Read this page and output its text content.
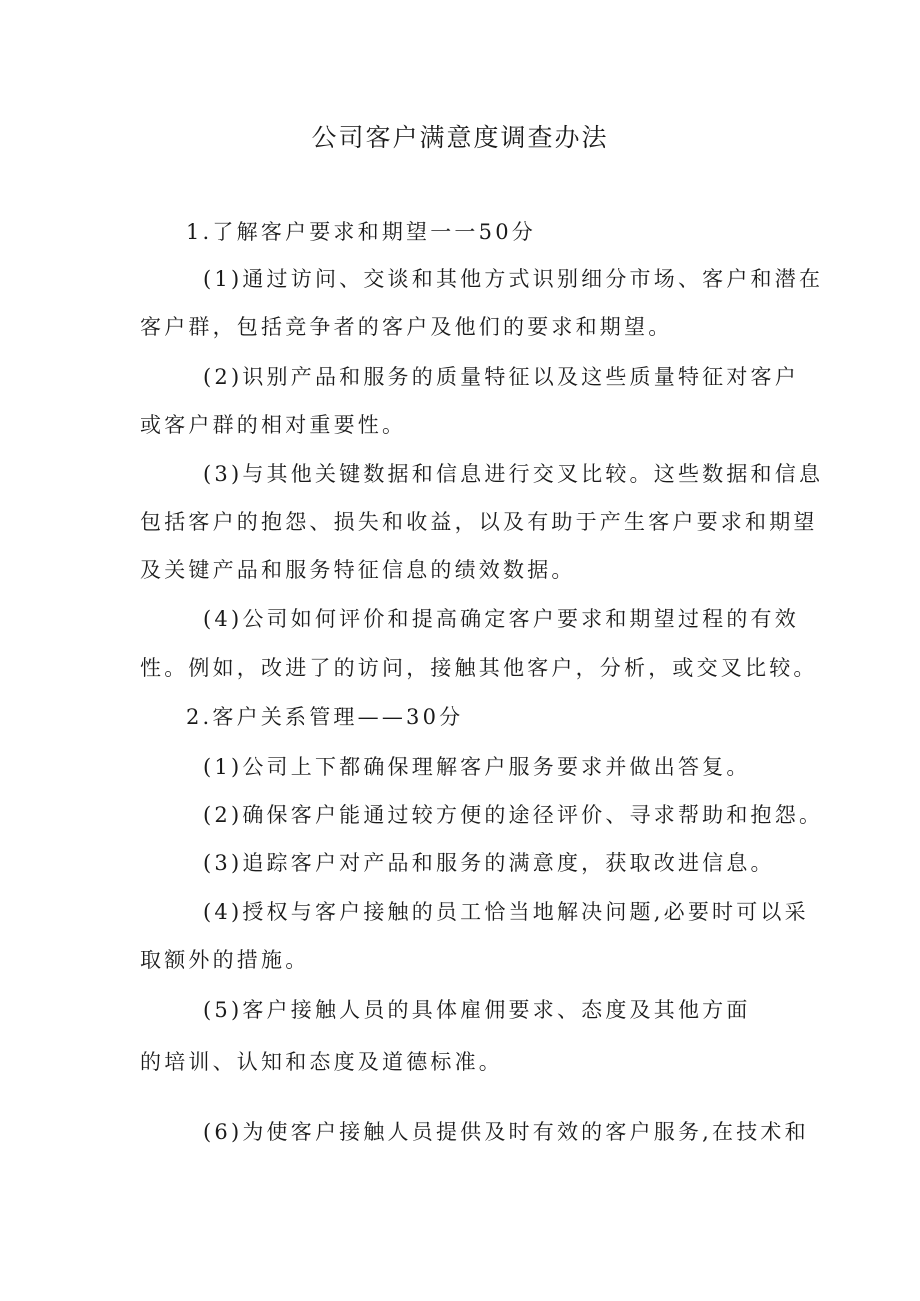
公司客户满意度调查办法
1.了解客户要求和期望一一50分
(1)通过访问、交谈和其他方式识别细分市场、客户和潜在
客户群，包括竞争者的客户及他们的要求和期望。
(2)识别产品和服务的质量特征以及这些质量特征对客户
或客户群的相对重要性。
(3)与其他关键数据和信息进行交叉比较。这些数据和信息
包括客户的抱怨、损失和收益，以及有助于产生客户要求和期望
及关键产品和服务特征信息的绩效数据。
(4)公司如何评价和提高确定客户要求和期望过程的有效
性。例如，改进了的访问，接触其他客户，分析，或交叉比较。
2.客户关系管理——30分
(1)公司上下都确保理解客户服务要求并做出答复。
(2)确保客户能通过较方便的途径评价、寻求帮助和抱怨。
(3)追踪客户对产品和服务的满意度，获取改进信息。
(4)授权与客户接触的员工恰当地解决问题,必要时可以采
取额外的措施。
(5)客户接触人员的具体雇佣要求、态度及其他方面
的培训、认知和态度及道德标准。
(6)为使客户接触人员提供及时有效的客户服务,在技术和
